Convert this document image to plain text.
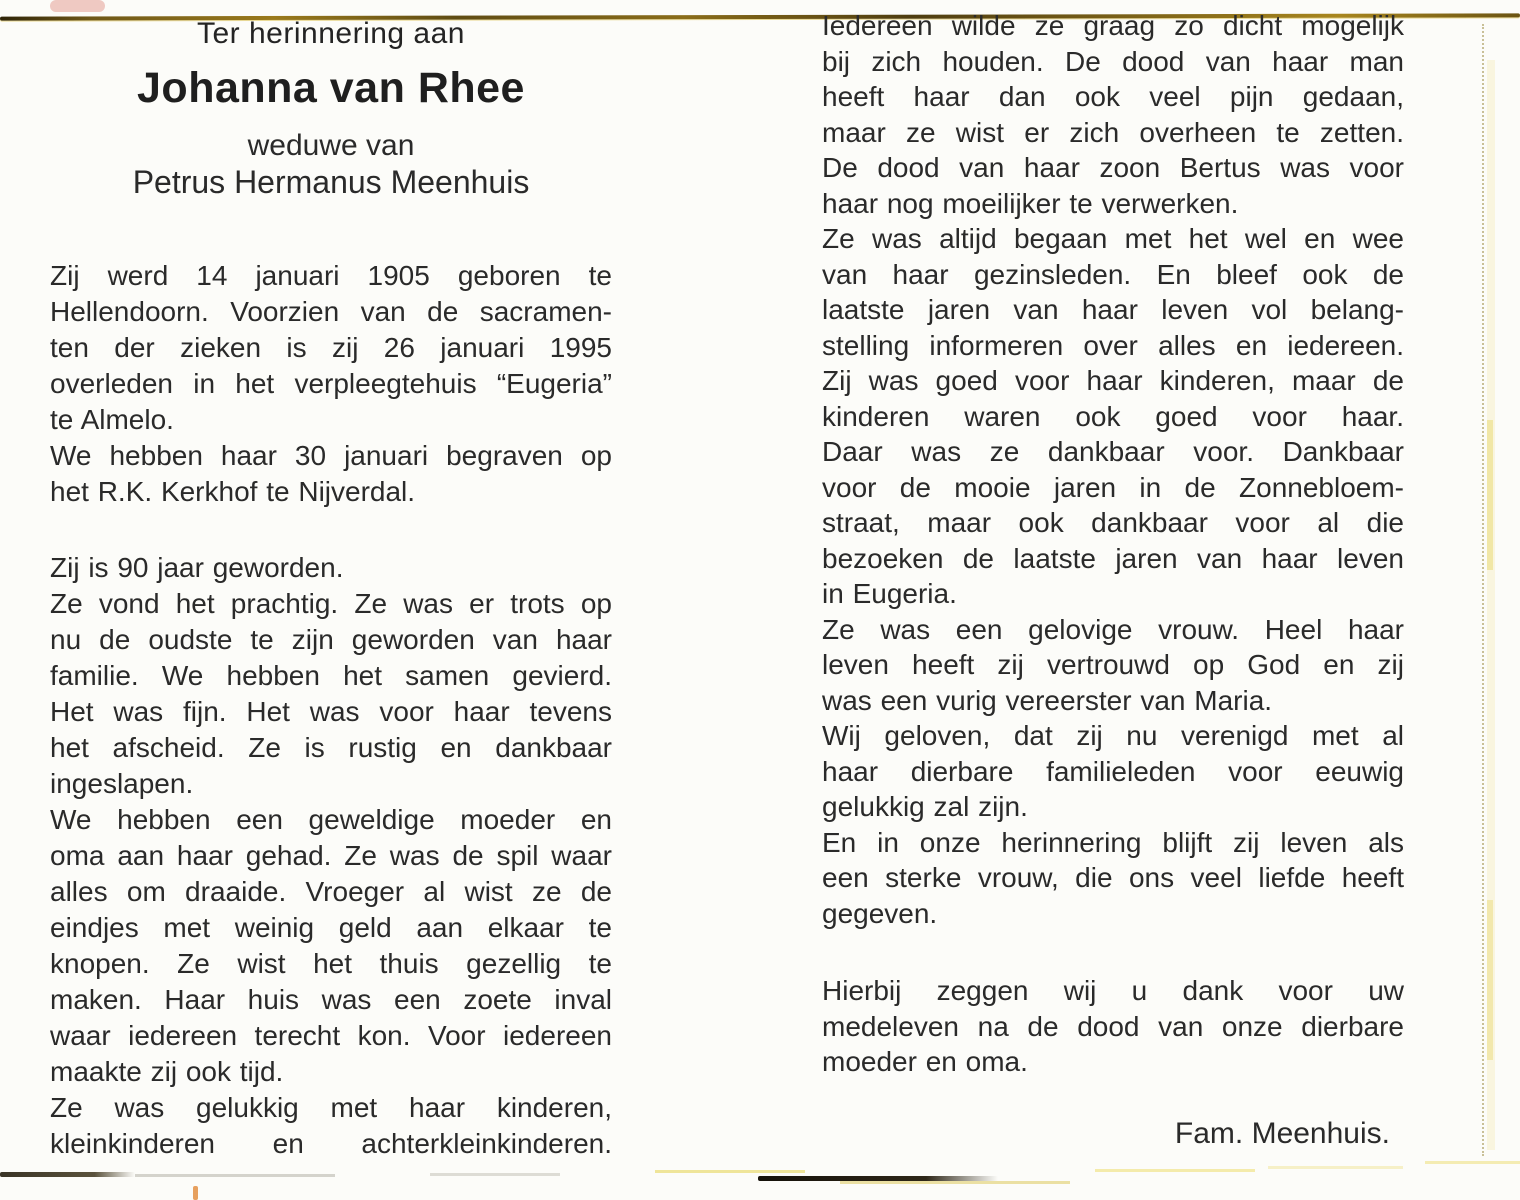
Ter herinnering aan
Johanna van Rhee
weduwe van
Petrus Hermanus Meenhuis
Zij werd 14 januari 1905 geboren te
Hellendoorn. Voorzien van de sacramen-
ten der zieken is zij 26 januari 1995
overleden in het verpleegtehuis “Eugeria”
te Almelo.
We hebben haar 30 januari begraven op
het R.K. Kerkhof te Nijverdal.
Zij is 90 jaar geworden.
Ze vond het prachtig. Ze was er trots op
nu de oudste te zijn geworden van haar
familie. We hebben het samen gevierd.
Het was fijn. Het was voor haar tevens
het afscheid. Ze is rustig en dankbaar
ingeslapen.
We hebben een geweldige moeder en
oma aan haar gehad. Ze was de spil waar
alles om draaide. Vroeger al wist ze de
eindjes met weinig geld aan elkaar te
knopen. Ze wist het thuis gezellig te
maken. Haar huis was een zoete inval
waar iedereen terecht kon. Voor iedereen
maakte zij ook tijd.
Ze was gelukkig met haar kinderen,
kleinkinderen en achterkleinkinderen.
Iedereen wilde ze graag zo dicht mogelijk
bij zich houden. De dood van haar man
heeft haar dan ook veel pijn gedaan,
maar ze wist er zich overheen te zetten.
De dood van haar zoon Bertus was voor
haar nog moeilijker te verwerken.
Ze was altijd begaan met het wel en wee
van haar gezinsleden. En bleef ook de
laatste jaren van haar leven vol belang-
stelling informeren over alles en iedereen.
Zij was goed voor haar kinderen, maar de
kinderen waren ook goed voor haar.
Daar was ze dankbaar voor. Dankbaar
voor de mooie jaren in de Zonnebloem-
straat, maar ook dankbaar voor al die
bezoeken de laatste jaren van haar leven
in Eugeria.
Ze was een gelovige vrouw. Heel haar
leven heeft zij vertrouwd op God en zij
was een vurig vereerster van Maria.
Wij geloven, dat zij nu verenigd met al
haar dierbare familieleden voor eeuwig
gelukkig zal zijn.
En in onze herinnering blijft zij leven als
een sterke vrouw, die ons veel liefde heeft
gegeven.
Hierbij zeggen wij u dank voor uw
medeleven na de dood van onze dierbare
moeder en oma.
Fam. Meenhuis.
